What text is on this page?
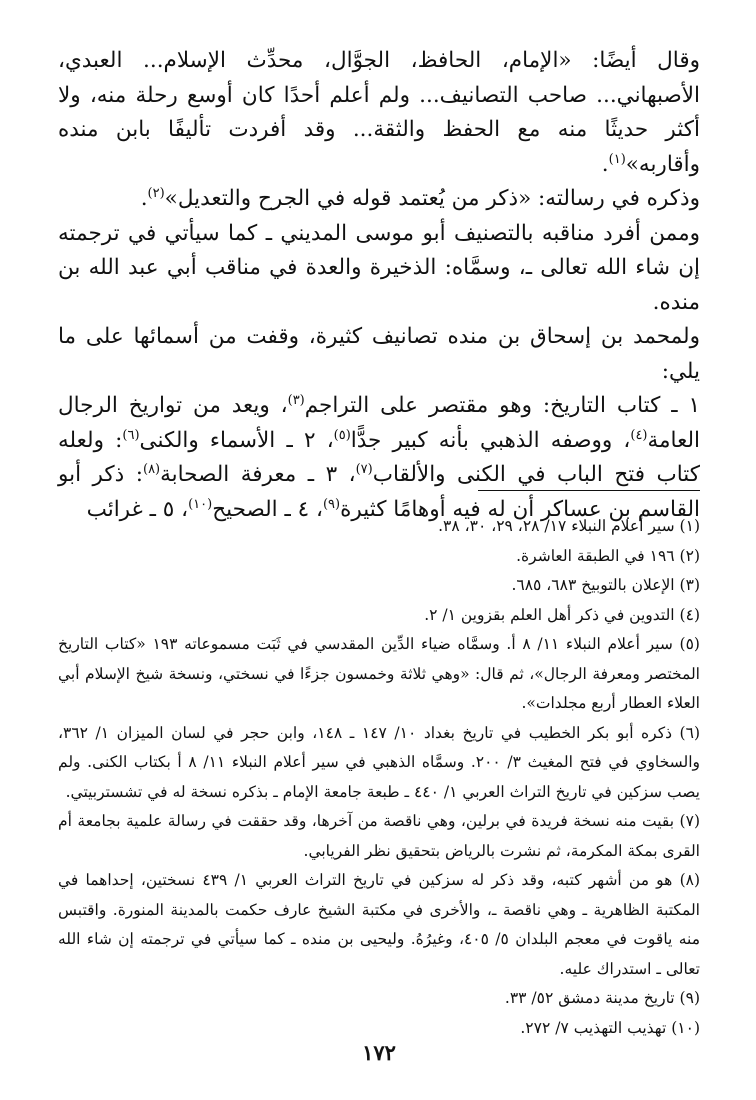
وقال أيضًا: «الإمام، الحافظ، الجوَّال، محدِّث الإسلام... العبدي، الأصبهاني... صاحب التصانيف... ولم أعلم أحدًا كان أوسع رحلة منه، ولا أكثر حديثًا منه مع الحفظ والثقة... وقد أفردت تأليفًا بابن منده وأقاربه»$^{(١)}$.

وذكره في رسالته: «ذكر من يُعتمد قوله في الجرح والتعديل»$^{(٢)}$.

وممن أفرد مناقبه بالتصنيف أبو موسى المديني ـ كما سيأتي في ترجمته إن شاء الله تعالى ـ، وسمَّاه: الذخيرة والعدة في مناقب أبي عبد الله بن منده.

ولمحمد بن إسحاق بن منده تصانيف كثيرة، وقفت من أسمائها على ما يلي:

١ ـ كتاب التاريخ: وهو مقتصر على التراجم$^{(٣)}$، ويعد من تواريخ الرجال العامة$^{(٤)}$، ووصفه الذهبي بأنه كبير جدًّا$^{(٥)}$، ٢ ـ الأسماء والكنى$^{(٦)}$: ولعله كتاب فتح الباب في الكنى والألقاب$^{(٧)}$، ٣ ـ معرفة الصحابة$^{(٨)}$: ذكر أبو القاسم بن عساكر أن له فيه أوهامًا كثيرة$^{(٩)}$، ٤ ـ الصحيح$^{(١٠)}$، ٥ ـ غرائب

(١) سير أعلام النبلاء ١٧/ ٢٨، ٢٩، ٣٠، ٣٨.

(٢) ١٩٦ في الطبقة العاشرة.

(٣) الإعلان بالتوبيخ ٦٨٣، ٦٨٥.

(٤) التدوين في ذكر أهل العلم بقزوين ١/ ٢.

(٥) سير أعلام النبلاء ١١/ ٨ أ. وسمَّاه ضياء الدِّين المقدسي في ثَبَت مسموعاته ١٩٣ «كتاب التاريخ المختصر ومعرفة الرجال»، ثم قال: «وهي ثلاثة وخمسون جزءًا في نسختي، ونسخة شيخ الإسلام أبي العلاء العطار أربع مجلدات».

(٦) ذكره أبو بكر الخطيب في تاريخ بغداد ١٠/ ١٤٧ ـ ١٤٨، وابن حجر في لسان الميزان ١/ ٣٦٢، والسخاوي في فتح المغيث ٣/ ٢٠٠. وسمَّاه الذهبي في سير أعلام النبلاء ١١/ ٨ أ بكتاب الكنى. ولم يصب سزكين في تاريخ التراث العربي ١/ ٤٤٠ ـ طبعة جامعة الإمام ـ بذكره نسخة له في تشستربيتي.

(٧) بقيت منه نسخة فريدة في برلين، وهي ناقصة من آخرها، وقد حققت في رسالة علمية بجامعة أم القرى بمكة المكرمة، ثم نشرت بالرياض بتحقيق نظر الفريابي.

(٨) هو من أشهر كتبه، وقد ذكر له سزكين في تاريخ التراث العربي ١/ ٤٣٩ نسختين، إحداهما في المكتبة الظاهرية ـ وهي ناقصة ـ، والأخرى في مكتبة الشيخ عارف حكمت بالمدينة المنورة. واقتبس منه ياقوت في معجم البلدان ٥/ ٤٠٥، وغيرُهُ. وليحيى بن منده ـ كما سيأتي في ترجمته إن شاء الله تعالى ـ استدراك عليه.

(٩) تاريخ مدينة دمشق ٥٢/ ٣٣.

(١٠) تهذيب التهذيب ٧/ ٢٧٢.

١٧٢
